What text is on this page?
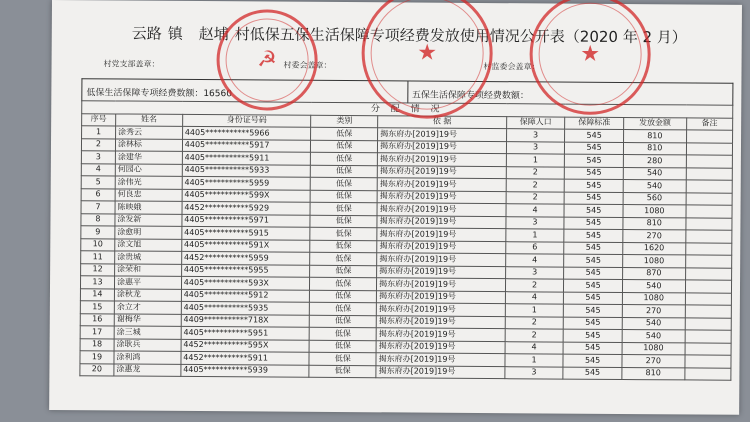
云路 镇 赵埔 村低保五保生活保障专项经费发放使用情况公开表（2020 年 2 月）
村党支部盖章：	村委会盖章：	村监委会盖章：
低保生活保障专项经费数额：16560	五保生活保障专项经费数额：
分 配 情 况								
序号	姓名	身份证号码	类别	依 据	保障人口	保障标准	发放金额	备注
1	涂秀云	4405***********5966	低保	揭东府办[2019]19号	3	545	810	
2	涂林标	4405***********5917	低保	揭东府办[2019]19号	3	545	810	
3	涂建华	4405***********5911	低保	揭东府办[2019]19号	1	545	280	
4	何园心	4405***********5933	低保	揭东府办[2019]19号	2	545	540	
5	涂伟光	4405***********5959	低保	揭东府办[2019]19号	2	545	540	
6	何良忠	4405***********599X	低保	揭东府办[2019]19号	2	545	560	
7	陈映娥	4452***********5929	低保	揭东府办[2019]19号	4	545	1080	
8	涂发新	4405***********5971	低保	揭东府办[2019]19号	3	545	810	
9	涂愈明	4405***********5915	低保	揭东府办[2019]19号	1	545	270	
10	涂文旭	4405***********591X	低保	揭东府办[2019]19号	6	545	1620	
11	涂贵城	4452***********5959	低保	揭东府办[2019]19号	4	545	1080	
12	涂荣和	4405***********5955	低保	揭东府办[2019]19号	3	545	870	
13	涂惠平	4405***********593X	低保	揭东府办[2019]19号	2	545	540	
14	涂秋龙	4405***********5912	低保	揭东府办[2019]19号	4	545	1080	
15	余立才	4405***********5935	低保	揭东府办[2019]19号	1	545	270	
16	谢梅华	4409***********718X	低保	揭东府办[2019]19号	2	545	540	
17	涂三城	4405***********5951	低保	揭东府办[2019]19号	2	545	540	
18	涂耿兵	4452***********595X	低保	揭东府办[2019]19号	4	545	1080	
19	涂利鸿	4452***********5911	低保	揭东府办[2019]19号	1	545	270	
20	涂惠龙	4405***********5939	低保	揭东府办[2019]19号	3	545	810	
☭	★	★
